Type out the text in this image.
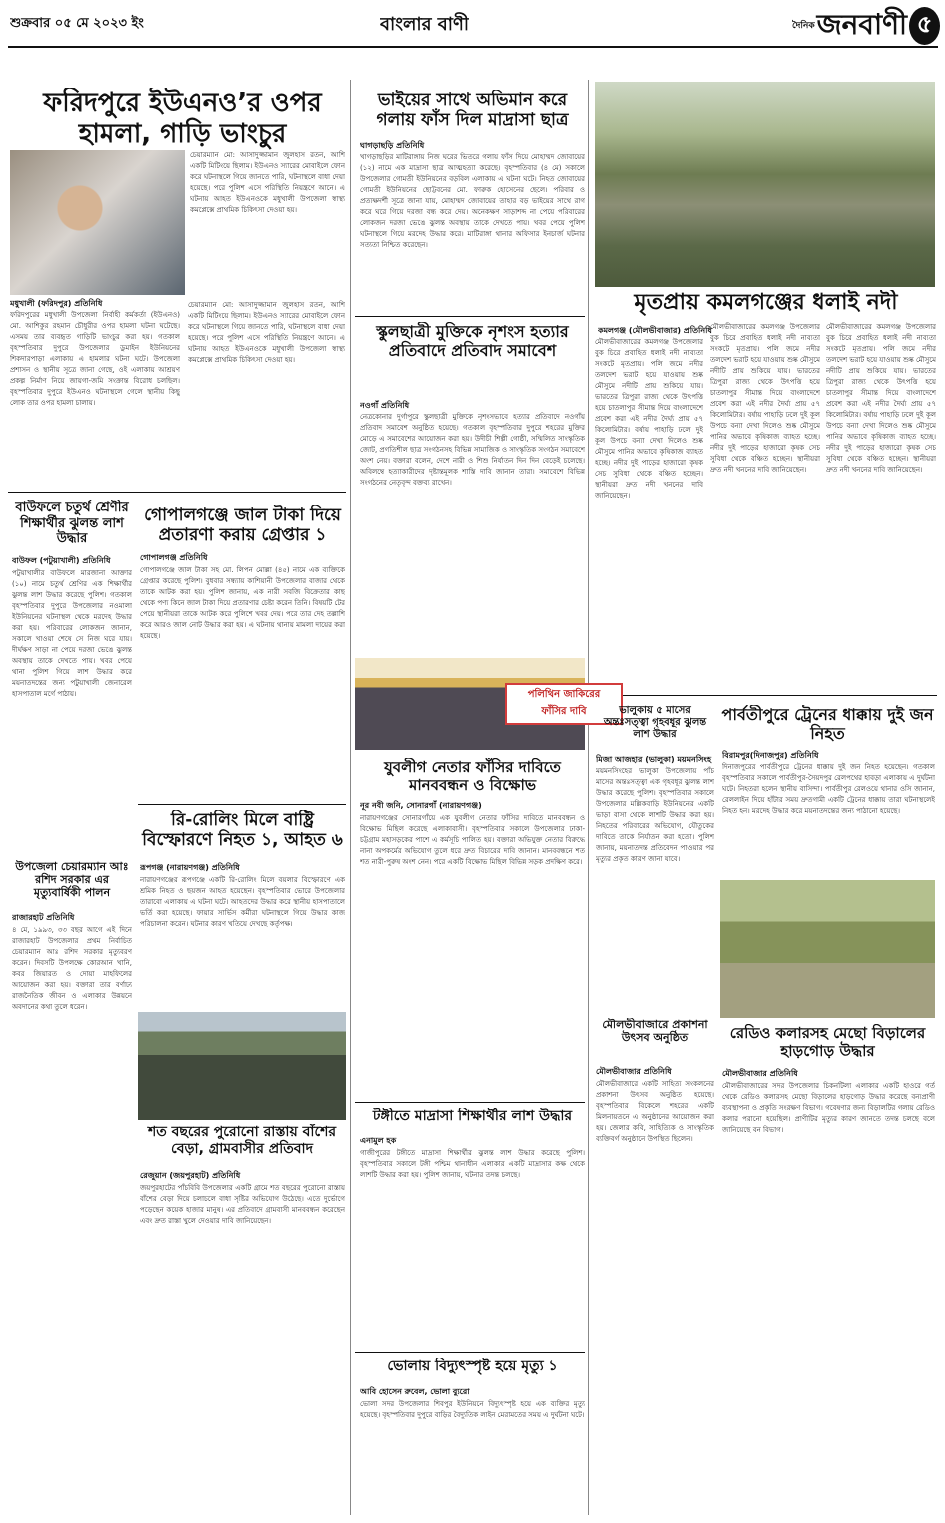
শুক্রবার ০৫ মে ২০২৩ ইং	বাংলার বাণী	দৈনিক জনবাণী ৫
ফরিদপুরে ইউএনও’র ওপর হামলা, গাড়ি ভাংচুর
চেয়ারম্যান মো: আসাদুজ্জামান জুলহাস রতন, আশি একটি মিটিংয়ে ছিলাম। ইউএনও স্যারের মোবাইলে ফোন করে ঘটনাস্থলে গিয়ে জানতে পারি, ঘটনাস্থলে বাধা দেয়া হয়েছে। পরে পুলিশ এসে পরিস্থিতি নিয়ন্ত্রণে আনে। এ ঘটনায় আহত ইউএনওকে মধুখালী উপজেলা স্বাস্থ্য কমপ্লেক্সে প্রাথমিক চিকিৎসা দেওয়া হয়।
মধুখালী (ফরিদপুর) প্রতিনিধি
ফরিদপুরের মধুখালী উপজেলা নির্বাহী কর্মকর্তা (ইউএনও) মো. আশিকুর রহমান চৌধুরীর ওপর হামলা ঘটনা ঘটেছে। এসময় তার ব্যবহৃত গাড়িটি ভাংচুর করা হয়। গতকাল বৃহস্পতিবার দুপুরে উপজেলার ডুমাইন ইউনিয়নের শিকদারপাড়া এলাকায় এ হামলার ঘটনা ঘটে। উপজেলা প্রশাসন ও স্থানীয় সূত্রে জানা গেছে, ওই এলাকায় আশ্রয়ণ প্রকল্প নির্মাণ নিয়ে জায়গা-জমি সংক্রান্ত বিরোধ চলছিল। বৃহস্পতিবার দুপুরে ইউএনও ঘটনাস্থলে গেলে স্থানীয় কিছু লোক তার ওপর হামলা চালায়।
চেয়ারম্যান মো: আসাদুজ্জামান জুলহাস রতন, আশি একটি মিটিংয়ে ছিলাম। ইউএনও স্যারের মোবাইলে ফোন করে ঘটনাস্থলে গিয়ে জানতে পারি, ঘটনাস্থলে বাধা দেয়া হয়েছে। পরে পুলিশ এসে পরিস্থিতি নিয়ন্ত্রণে আনে। এ ঘটনায় আহত ইউএনওকে মধুখালী উপজেলা স্বাস্থ্য কমপ্লেক্সে প্রাথমিক চিকিৎসা দেওয়া হয়।
ভাইয়ের সাথে অভিমান করে গলায় ফাঁস দিল মাদ্রাসা ছাত্র
ঘাগড়াছড়ি প্রতিনিধি
খাগড়াছড়ির মাটিরাঙ্গায় নিজ ঘরের ভিতরে গলায় ফাঁস দিয়ে মোহাম্মদ জোবায়ের (১২) নামে এক মাদ্রাসা ছাত্র আত্মহত্যা করেছে। বৃহস্পতিবার (৪ মে) সকালে উপজেলার গোমতী ইউনিয়নের বড়বিল এলাকায় এ ঘটনা ঘটে। নিহত জোবায়ের গোমতী ইউনিয়নের ছোট্টবনের মো. ফারুক হোসেনের ছেলে। পরিবার ও প্রত্যক্ষদর্শী সূত্রে জানা যায়, মোহাম্মদ জোবায়ের তাহার বড় ভাইয়ের সাথে রাগ করে ঘরে গিয়ে দরজা বন্ধ করে দেয়। অনেকক্ষণ সাড়াশব্দ না পেয়ে পরিবারের লোকজন দরজা ভেঙে ঝুলন্ত অবস্থায় তাকে দেখতে পায়। খবর পেয়ে পুলিশ ঘটনাস্থলে গিয়ে মরদেহ উদ্ধার করে। মাটিরাঙ্গা থানার অফিসার ইনচার্জ ঘটনার সত্যতা নিশ্চিত করেছেন।
মৃতপ্রায় কমলগঞ্জের ধলাই নদী
কমলগঞ্জ (মৌলভীবাজার) প্রতিনিধি
মৌলভীবাজারের কমলগঞ্জ উপজেলার বুক চিরে প্রবাহিত ধলাই নদী নাব্যতা সংকটে মৃতপ্রায়। পলি জমে নদীর তলদেশ ভরাট হয়ে যাওয়ায় শুষ্ক মৌসুমে নদীটি প্রায় শুকিয়ে যায়। ভারতের ত্রিপুরা রাজ্য থেকে উৎপত্তি হয়ে চাতলাপুর সীমান্ত দিয়ে বাংলাদেশে প্রবেশ করা এই নদীর দৈর্ঘ্য প্রায় ৫৭ কিলোমিটার। বর্ষায় পাহাড়ি ঢলে দুই কূল উপচে বন্যা দেখা দিলেও শুষ্ক মৌসুমে পানির অভাবে কৃষিকাজ ব্যাহত হচ্ছে। নদীর দুই পাড়ের হাজারো কৃষক সেচ সুবিধা থেকে বঞ্চিত হচ্ছেন। স্থানীয়রা দ্রুত নদী খননের দাবি জানিয়েছেন।
মৌলভীবাজারের কমলগঞ্জ উপজেলার বুক চিরে প্রবাহিত ধলাই নদী নাব্যতা সংকটে মৃতপ্রায়। পলি জমে নদীর তলদেশ ভরাট হয়ে যাওয়ায় শুষ্ক মৌসুমে নদীটি প্রায় শুকিয়ে যায়। ভারতের ত্রিপুরা রাজ্য থেকে উৎপত্তি হয়ে চাতলাপুর সীমান্ত দিয়ে বাংলাদেশে প্রবেশ করা এই নদীর দৈর্ঘ্য প্রায় ৫৭ কিলোমিটার। বর্ষায় পাহাড়ি ঢলে দুই কূল উপচে বন্যা দেখা দিলেও শুষ্ক মৌসুমে পানির অভাবে কৃষিকাজ ব্যাহত হচ্ছে। নদীর দুই পাড়ের হাজারো কৃষক সেচ সুবিধা থেকে বঞ্চিত হচ্ছেন। স্থানীয়রা দ্রুত নদী খননের দাবি জানিয়েছেন।
মৌলভীবাজারের কমলগঞ্জ উপজেলার বুক চিরে প্রবাহিত ধলাই নদী নাব্যতা সংকটে মৃতপ্রায়। পলি জমে নদীর তলদেশ ভরাট হয়ে যাওয়ায় শুষ্ক মৌসুমে নদীটি প্রায় শুকিয়ে যায়। ভারতের ত্রিপুরা রাজ্য থেকে উৎপত্তি হয়ে চাতলাপুর সীমান্ত দিয়ে বাংলাদেশে প্রবেশ করা এই নদীর দৈর্ঘ্য প্রায় ৫৭ কিলোমিটার। বর্ষায় পাহাড়ি ঢলে দুই কূল উপচে বন্যা দেখা দিলেও শুষ্ক মৌসুমে পানির অভাবে কৃষিকাজ ব্যাহত হচ্ছে। নদীর দুই পাড়ের হাজারো কৃষক সেচ সুবিধা থেকে বঞ্চিত হচ্ছেন। স্থানীয়রা দ্রুত নদী খননের দাবি জানিয়েছেন।
স্কুলছাত্রী মুক্তিকে নৃশংস হত্যার প্রতিবাদে প্রতিবাদ সমাবেশ
নওগাঁ প্রতিনিধি
নেত্রকোনার দুর্গাপুরে স্কুলছাত্রী মুক্তিকে নৃশংসভাবে হত্যার প্রতিবাদে নওগাঁয় প্রতিবাদ সমাবেশ অনুষ্ঠিত হয়েছে। গতকাল বৃহস্পতিবার দুপুরে শহরের মুক্তির মোড়ে এ সমাবেশের আয়োজন করা হয়। উদীচী শিল্পী গোষ্ঠী, সম্মিলিত সাংস্কৃতিক জোট, প্রগতিশীল ছাত্র সংগঠনসহ বিভিন্ন সামাজিক ও সাংস্কৃতিক সংগঠন সমাবেশে অংশ নেয়। বক্তারা বলেন, দেশে নারী ও শিশু নির্যাতন দিন দিন বেড়েই চলেছে। অবিলম্বে হত্যাকারীদের দৃষ্টান্তমূলক শাস্তি দাবি জানান তারা। সমাবেশে বিভিন্ন সংগঠনের নেতৃবৃন্দ বক্তব্য রাখেন।
পলিথিন জাকিরের
ফাঁসির দাবি
বাউফলে চতুর্থ শ্রেণীর শিক্ষার্থীর ঝুলন্ত লাশ উদ্ধার
বাউফল (পটুয়াখালী) প্রতিনিধি
পটুয়াখালীর বাউফলে মারজানা আক্তার (১০) নামে চতুর্থ শ্রেণির এক শিক্ষার্থীর ঝুলন্ত লাশ উদ্ধার করেছে পুলিশ। গতকাল বৃহস্পতিবার দুপুরে উপজেলার নওমালা ইউনিয়নের ঘটনাস্থল থেকে মরদেহ উদ্ধার করা হয়। পরিবারের লোকজন জানান, সকালে খাওয়া শেষে সে নিজ ঘরে যায়। দীর্ঘক্ষণ সাড়া না পেয়ে দরজা ভেঙে ঝুলন্ত অবস্থায় তাকে দেখতে পায়। খবর পেয়ে থানা পুলিশ গিয়ে লাশ উদ্ধার করে ময়নাতদন্তের জন্য পটুয়াখালী জেনারেল হাসপাতাল মর্গে পাঠায়।
গোপালগঞ্জে জাল টাকা দিয়ে প্রতারণা করায় গ্রেপ্তার ১
গোপালগঞ্জ প্রতিনিধি
গোপালগঞ্জে জাল টাকা সহ মো. লিপন মোল্লা (৪৫) নামে এক ব্যক্তিকে গ্রেপ্তার করেছে পুলিশ। বুধবার সন্ধ্যায় কাশিয়ানী উপজেলার বাজার থেকে তাকে আটক করা হয়। পুলিশ জানায়, এক নারী সবজি বিক্রেতার কাছ থেকে পণ্য কিনে জাল টাকা দিয়ে প্রতারণার চেষ্টা করেন তিনি। বিষয়টি টের পেয়ে স্থানীয়রা তাকে আটক করে পুলিশে খবর দেয়। পরে তার দেহ তল্লাশি করে আরও জাল নোট উদ্ধার করা হয়। এ ঘটনায় থানায় মামলা দায়ের করা হয়েছে।
উপজেলা চেয়ারম্যান আঃ রশিদ সরকার এর মৃত্যুবার্ষিকী পালন
রাজারহাট প্রতিনিধি
৪ মে, ১৯৯৩, ৩৩ বছর আগে এই দিনে রাজারহাট উপজেলার প্রথম নির্বাচিত চেয়ারম্যান আঃ রশিদ সরকার মৃত্যুবরণ করেন। দিবসটি উপলক্ষে কোরআন খানি, কবর জিয়ারত ও দোয়া মাহফিলের আয়োজন করা হয়। বক্তারা তার বর্ণাঢ্য রাজনৈতিক জীবন ও এলাকার উন্নয়নে অবদানের কথা তুলে ধরেন।
রি-রোলিং মিলে বাষ্ট্রি বিস্ফোরণে নিহত ১, আহত ৬
রূপগঞ্জ (নারায়ণগঞ্জ) প্রতিনিধি
নারায়ণগঞ্জের রূপগঞ্জে একটি রি-রোলিং মিলে বয়লার বিস্ফোরণে এক শ্রমিক নিহত ও ছয়জন আহত হয়েছেন। বৃহস্পতিবার ভোরে উপজেলার তারাবো এলাকায় এ ঘটনা ঘটে। আহতদের উদ্ধার করে স্থানীয় হাসপাতালে ভর্তি করা হয়েছে। ফায়ার সার্ভিস কর্মীরা ঘটনাস্থলে গিয়ে উদ্ধার কাজ পরিচালনা করেন। ঘটনার কারণ খতিয়ে দেখছে কর্তৃপক্ষ।
শত বছরের পুরোনো রাস্তায় বাঁশের বেড়া, গ্রামবাসীর প্রতিবাদ
রেজুয়ান (জয়পুরহাট) প্রতিনিধি
জয়পুরহাটের পাঁচবিবি উপজেলার একটি গ্রামে শত বছরের পুরোনো রাস্তায় বাঁশের বেড়া দিয়ে চলাচলে বাধা সৃষ্টির অভিযোগ উঠেছে। এতে দুর্ভোগে পড়েছেন কয়েক হাজার মানুষ। এর প্রতিবাদে গ্রামবাসী মানববন্ধন করেছেন এবং দ্রুত রাস্তা খুলে দেওয়ার দাবি জানিয়েছেন।
ভালুকায় ৫ মাসের অন্তঃসত্ত্বা গৃহবধূর ঝুলন্ত লাশ উদ্ধার
মিজা আজহার (ভালুকা) ময়মনসিংহ
ময়মনসিংহের ভালুকা উপজেলায় পাঁচ মাসের অন্তঃসত্ত্বা এক গৃহবধূর ঝুলন্ত লাশ উদ্ধার করেছে পুলিশ। বৃহস্পতিবার সকালে উপজেলার মল্লিকবাড়ি ইউনিয়নের একটি ভাড়া বাসা থেকে লাশটি উদ্ধার করা হয়। নিহতের পরিবারের অভিযোগ, যৌতুকের দাবিতে তাকে নির্যাতন করা হতো। পুলিশ জানায়, ময়নাতদন্ত প্রতিবেদন পাওয়ার পর মৃত্যুর প্রকৃত কারণ জানা যাবে।
পার্বতীপুরে ট্রেনের ধাক্কায় দুই জন নিহত
বিরামপুর(দিনাজপুর) প্রতিনিধি
দিনাজপুরের পার্বতীপুরে ট্রেনের ধাক্কায় দুই জন নিহত হয়েছেন। গতকাল বৃহস্পতিবার সকালে পার্বতীপুর-সৈয়দপুর রেলপথের হাবড়া এলাকায় এ দুর্ঘটনা ঘটে। নিহতরা হলেন স্থানীয় বাসিন্দা। পার্বতীপুর রেলওয়ে থানার ওসি জানান, রেললাইন দিয়ে হাঁটার সময় দ্রুতগামী একটি ট্রেনের ধাক্কায় তারা ঘটনাস্থলেই নিহত হন। মরদেহ উদ্ধার করে ময়নাতদন্তের জন্য পাঠানো হয়েছে।
যুবলীগ নেতার ফাঁসির দাবিতে মানববন্ধন ও বিক্ষোভ
নূর নবী জনি, সোনারগাঁ (নারায়ণগঞ্জ)
নারায়ণগঞ্জের সোনারগাঁয়ে এক যুবলীগ নেতার ফাঁসির দাবিতে মানববন্ধন ও বিক্ষোভ মিছিল করেছে এলাকাবাসী। বৃহস্পতিবার সকালে উপজেলার ঢাকা-চট্টগ্রাম মহাসড়কের পাশে এ কর্মসূচি পালিত হয়। বক্তারা অভিযুক্ত নেতার বিরুদ্ধে নানা অপকর্মের অভিযোগ তুলে ধরে দ্রুত বিচারের দাবি জানান। মানববন্ধনে শত শত নারী-পুরুষ অংশ নেন। পরে একটি বিক্ষোভ মিছিল বিভিন্ন সড়ক প্রদক্ষিণ করে।
মৌলভীবাজারে প্রকাশনা উৎসব অনুষ্ঠিত
মৌলভীবাজার প্রতিনিধি
মৌলভীবাজারে একটি সাহিত্য সংকলনের প্রকাশনা উৎসব অনুষ্ঠিত হয়েছে। বৃহস্পতিবার বিকেলে শহরের একটি মিলনায়তনে এ অনুষ্ঠানের আয়োজন করা হয়। জেলার কবি, সাহিত্যিক ও সাংস্কৃতিক ব্যক্তিবর্গ অনুষ্ঠানে উপস্থিত ছিলেন।
রেডিও কলারসহ মেছো বিড়ালের হাড়গোড় উদ্ধার
মৌলভীবাজার প্রতিনিধি
মৌলভীবাজারের সদর উপজেলার চিকনটিলা এলাকার একটি হাওরে গর্ত থেকে রেডিও কলারসহ মেছো বিড়ালের হাড়গোড় উদ্ধার করেছে বন্যপ্রাণী ব্যবস্থাপনা ও প্রকৃতি সংরক্ষণ বিভাগ। গবেষণার জন্য বিড়ালটির গলায় রেডিও কলার পরানো হয়েছিল। প্রাণীটির মৃত্যুর কারণ জানতে তদন্ত চলছে বলে জানিয়েছে বন বিভাগ।
টঙ্গীতে মাদ্রাসা শিক্ষার্থীর লাশ উদ্ধার
এনামুল হক
গাজীপুরের টঙ্গীতে মাদ্রাসা শিক্ষার্থীর ঝুলন্ত লাশ উদ্ধার করেছে পুলিশ। বৃহস্পতিবার সকালে টঙ্গী পশ্চিম থানাধীন এলাকার একটি মাদ্রাসার কক্ষ থেকে লাশটি উদ্ধার করা হয়। পুলিশ জানায়, ঘটনার তদন্ত চলছে।
ভোলায় বিদ্যুৎস্পৃষ্ট হয়ে মৃত্যু ১
আবি হোসেন রুবেল, ভোলা ব্যুরো
ভোলা সদর উপজেলার শিবপুর ইউনিয়নে বিদ্যুৎস্পৃষ্ট হয়ে এক ব্যক্তির মৃত্যু হয়েছে। বৃহস্পতিবার দুপুরে বাড়ির বৈদ্যুতিক লাইন মেরামতের সময় এ দুর্ঘটনা ঘটে।
